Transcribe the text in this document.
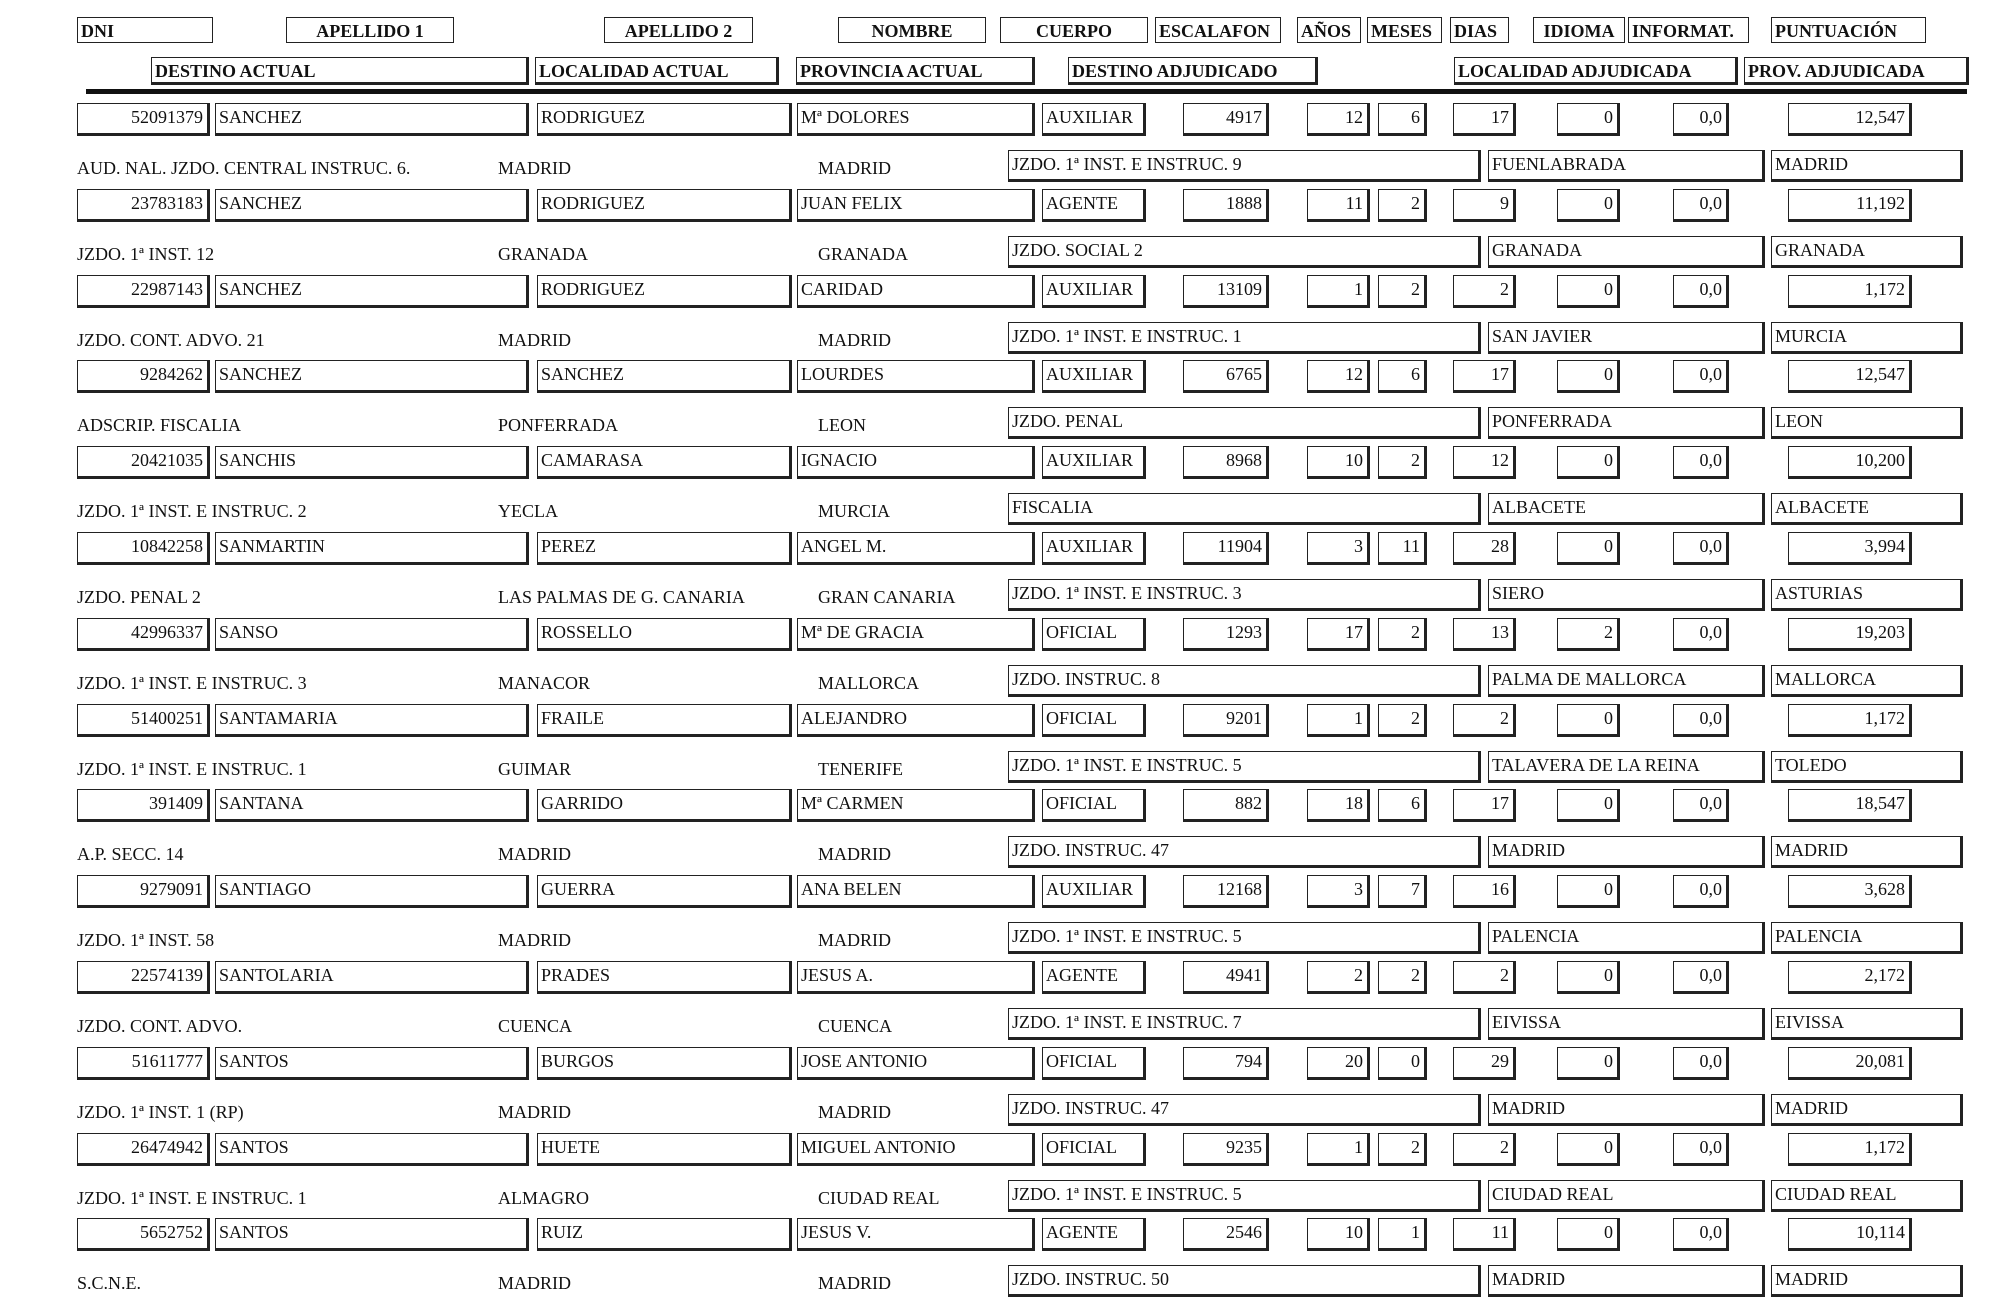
DNI	APELLIDO 1	APELLIDO 2	NOMBRE	CUERPO	ESCALAFON	AÑOS	MESES	DIAS	IDIOMA INFORMAT.	PUNTUACIÓN
DESTINO ACTUAL	LOCALIDAD ACTUAL	PROVINCIA ACTUAL	DESTINO ADJUDICADO	LOCALIDAD ADJUDICADA	PROV. ADJUDICADA
52091379 SANCHEZ	RODRIGUEZ	Mª DOLORES	AUXILIAR	4917	12	6	17	0	0,0	12,547
AUD. NAL. JZDO. CENTRAL INSTRUC. 6.	MADRID	MADRID	JZDO. 1ª INST. E INSTRUC. 9	FUENLABRADA	MADRID
23783183 SANCHEZ	RODRIGUEZ	JUAN FELIX	AGENTE	1888	11	2	9	0	0,0	11,192
JZDO. 1ª INST. 12	GRANADA	GRANADA	JZDO. SOCIAL 2	GRANADA	GRANADA
22987143 SANCHEZ	RODRIGUEZ	CARIDAD	AUXILIAR	13109	1	2	2	0	0,0	1,172
JZDO. CONT. ADVO. 21	MADRID	MADRID	JZDO. 1ª INST. E INSTRUC. 1	SAN JAVIER	MURCIA
9284262 SANCHEZ	SANCHEZ	LOURDES	AUXILIAR	6765	12	6	17	0	0,0	12,547
ADSCRIP. FISCALIA	PONFERRADA	LEON	JZDO. PENAL	PONFERRADA	LEON
20421035 SANCHIS	CAMARASA	IGNACIO	AUXILIAR	8968	10	2	12	0	0,0	10,200
JZDO. 1ª INST. E INSTRUC. 2	YECLA	MURCIA	FISCALIA	ALBACETE	ALBACETE
10842258 SANMARTIN	PEREZ	ANGEL M.	AUXILIAR	11904	3	11	28	0	0,0	3,994
JZDO. PENAL 2	LAS PALMAS DE G. CANARIA	GRAN CANARIA	JZDO. 1ª INST. E INSTRUC. 3	SIERO	ASTURIAS
42996337 SANSO	ROSSELLO	Mª DE GRACIA	OFICIAL	1293	17	2	13	2	0,0	19,203
JZDO. 1ª INST. E INSTRUC. 3	MANACOR	MALLORCA	JZDO. INSTRUC. 8	PALMA DE MALLORCA	MALLORCA
51400251 SANTAMARIA	FRAILE	ALEJANDRO	OFICIAL	9201	1	2	2	0	0,0	1,172
JZDO. 1ª INST. E INSTRUC. 1	GUIMAR	TENERIFE	JZDO. 1ª INST. E INSTRUC. 5	TALAVERA DE LA REINA	TOLEDO
391409 SANTANA	GARRIDO	Mª CARMEN	OFICIAL	882	18	6	17	0	0,0	18,547
A.P. SECC. 14	MADRID	MADRID	JZDO. INSTRUC. 47	MADRID	MADRID
9279091 SANTIAGO	GUERRA	ANA BELEN	AUXILIAR	12168	3	7	16	0	0,0	3,628
JZDO. 1ª INST. 58	MADRID	MADRID	JZDO. 1ª INST. E INSTRUC. 5	PALENCIA	PALENCIA
22574139 SANTOLARIA	PRADES	JESUS A.	AGENTE	4941	2	2	2	0	0,0	2,172
JZDO. CONT. ADVO.	CUENCA	CUENCA	JZDO. 1ª INST. E INSTRUC. 7	EIVISSA	EIVISSA
51611777 SANTOS	BURGOS	JOSE ANTONIO	OFICIAL	794	20	0	29	0	0,0	20,081
JZDO. 1ª INST. 1 (RP)	MADRID	MADRID	JZDO. INSTRUC. 47	MADRID	MADRID
26474942 SANTOS	HUETE	MIGUEL ANTONIO	OFICIAL	9235	1	2	2	0	0,0	1,172
JZDO. 1ª INST. E INSTRUC. 1	ALMAGRO	CIUDAD REAL	JZDO. 1ª INST. E INSTRUC. 5	CIUDAD REAL	CIUDAD REAL
5652752 SANTOS	RUIZ	JESUS V.	AGENTE	2546	10	1	11	0	0,0	10,114
S.C.N.E.	MADRID	MADRID	JZDO. INSTRUC. 50	MADRID	MADRID
